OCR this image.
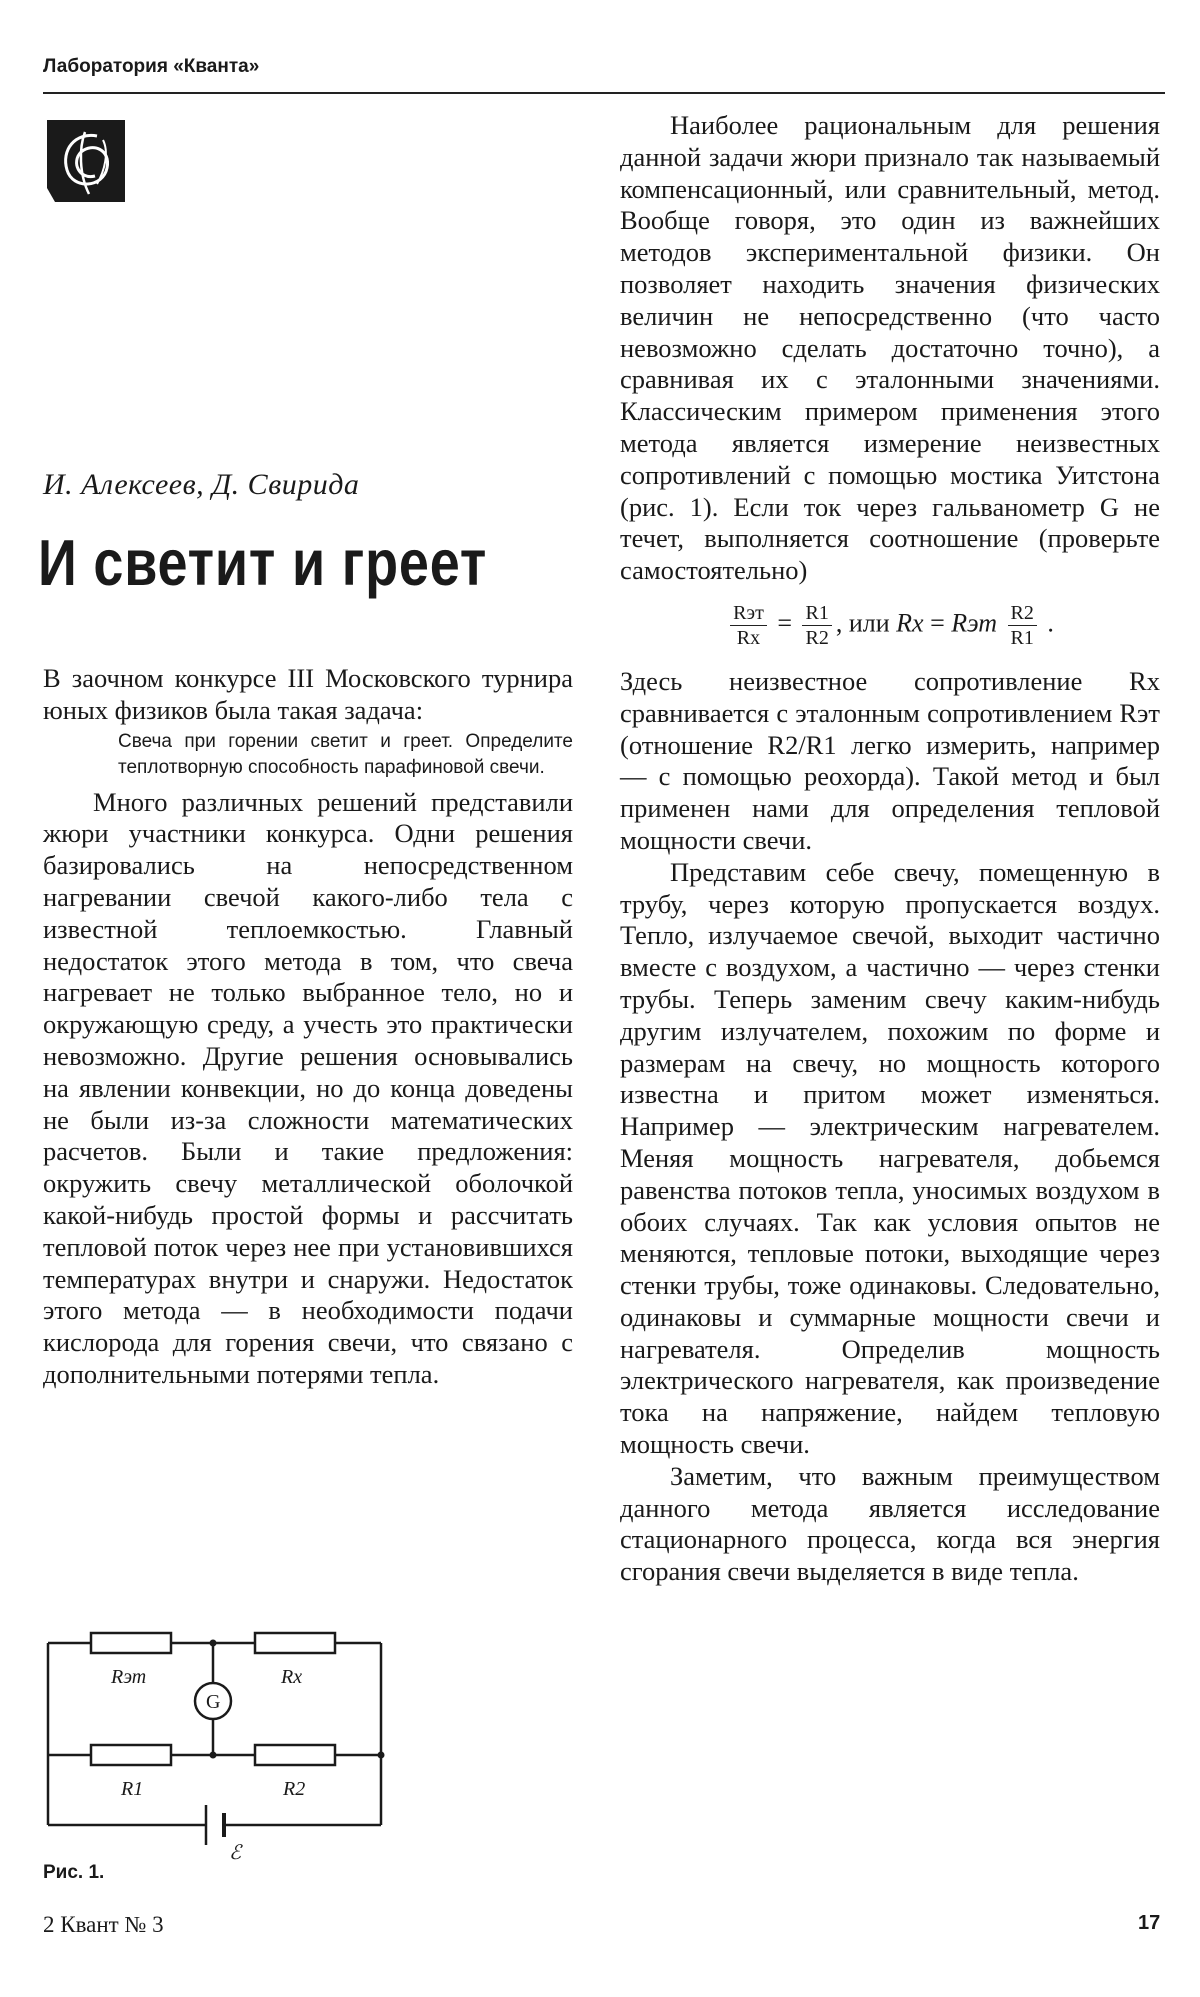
Лаборатория «Кванта»
И. Алексеев, Д. Свирида
И светит и греет

В заочном конкурсе III Московского турнира юных физиков была такая задача:

Свеча при горении светит и греет. Определите теплотворную способность парафиновой свечи.

Много различных решений представили жюри участники конкурса. Одни решения базировались на непосредственном нагревании свечой какого-либо тела с известной теплоемкостью. Главный недостаток этого метода в том, что свеча нагревает не только выбранное тело, но и окружающую среду, а учесть это практически невозможно. Другие решения основывались на явлении конвекции, но до конца доведены не были из-за сложности математических расчетов. Были и такие предложения: окружить свечу металлической оболочкой какой-нибудь простой формы и рассчитать тепловой поток через нее при установившихся температурах внутри и снаружи. Недостаток этого метода — в необходимости подачи кислорода для горения свечи, что связано с дополнительными потерями тепла.

Наиболее рациональным для решения данной задачи жюри признало так называемый компенсационный, или сравнительный, метод. Вообще говоря, это один из важнейших методов экспериментальной физики. Он позволяет находить значения физических величин не непосредственно (что часто невозможно сделать достаточно точно), а сравнивая их с эталонными значениями. Классическим примером применения этого метода является измерение неизвестных сопротивлений с помощью мостика Уитстона (рис. 1). Если ток через гальванометр G не течет, выполняется соотношение (проверьте самостоятельно)

$\frac{\text{Rэт}}{Rx} = \frac{R1}{R2}$ , или Rx = Rэт $\frac{R2}{R1}$ .

Здесь неизвестное сопротивление Rx сравнивается с эталонным сопротивлением Rэт (отношение R2/R1 легко измерить, например — с помощью реохорда). Такой метод и был применен нами для определения тепловой мощности свечи.

Представим себе свечу, помещенную в трубу, через которую пропускается воздух. Тепло, излучаемое свечой, выходит частично вместе с воздухом, а частично — через стенки трубы. Теперь заменим свечу каким-нибудь другим излучателем, похожим по форме и размерам на свечу, но мощность которого известна и притом может изменяться. Например — электрическим нагревателем. Меняя мощность нагревателя, добьемся равенства потоков тепла, уносимых воздухом в обоих случаях. Так как условия опытов не меняются, тепловые потоки, выходящие через стенки трубы, тоже одинаковы. Следовательно, одинаковы и суммарные мощности свечи и нагревателя. Определив мощность электрического нагревателя, как произведение тока на напряжение, найдем тепловую мощность свечи.

Заметим, что важным преимуществом данного метода является исследование стационарного процесса, когда вся энергия сгорания свечи выделяется в виде тепла.

Rэт	Rx
G
R1	R2
ℰ
Рис. 1.
2 Квант № 3	17
